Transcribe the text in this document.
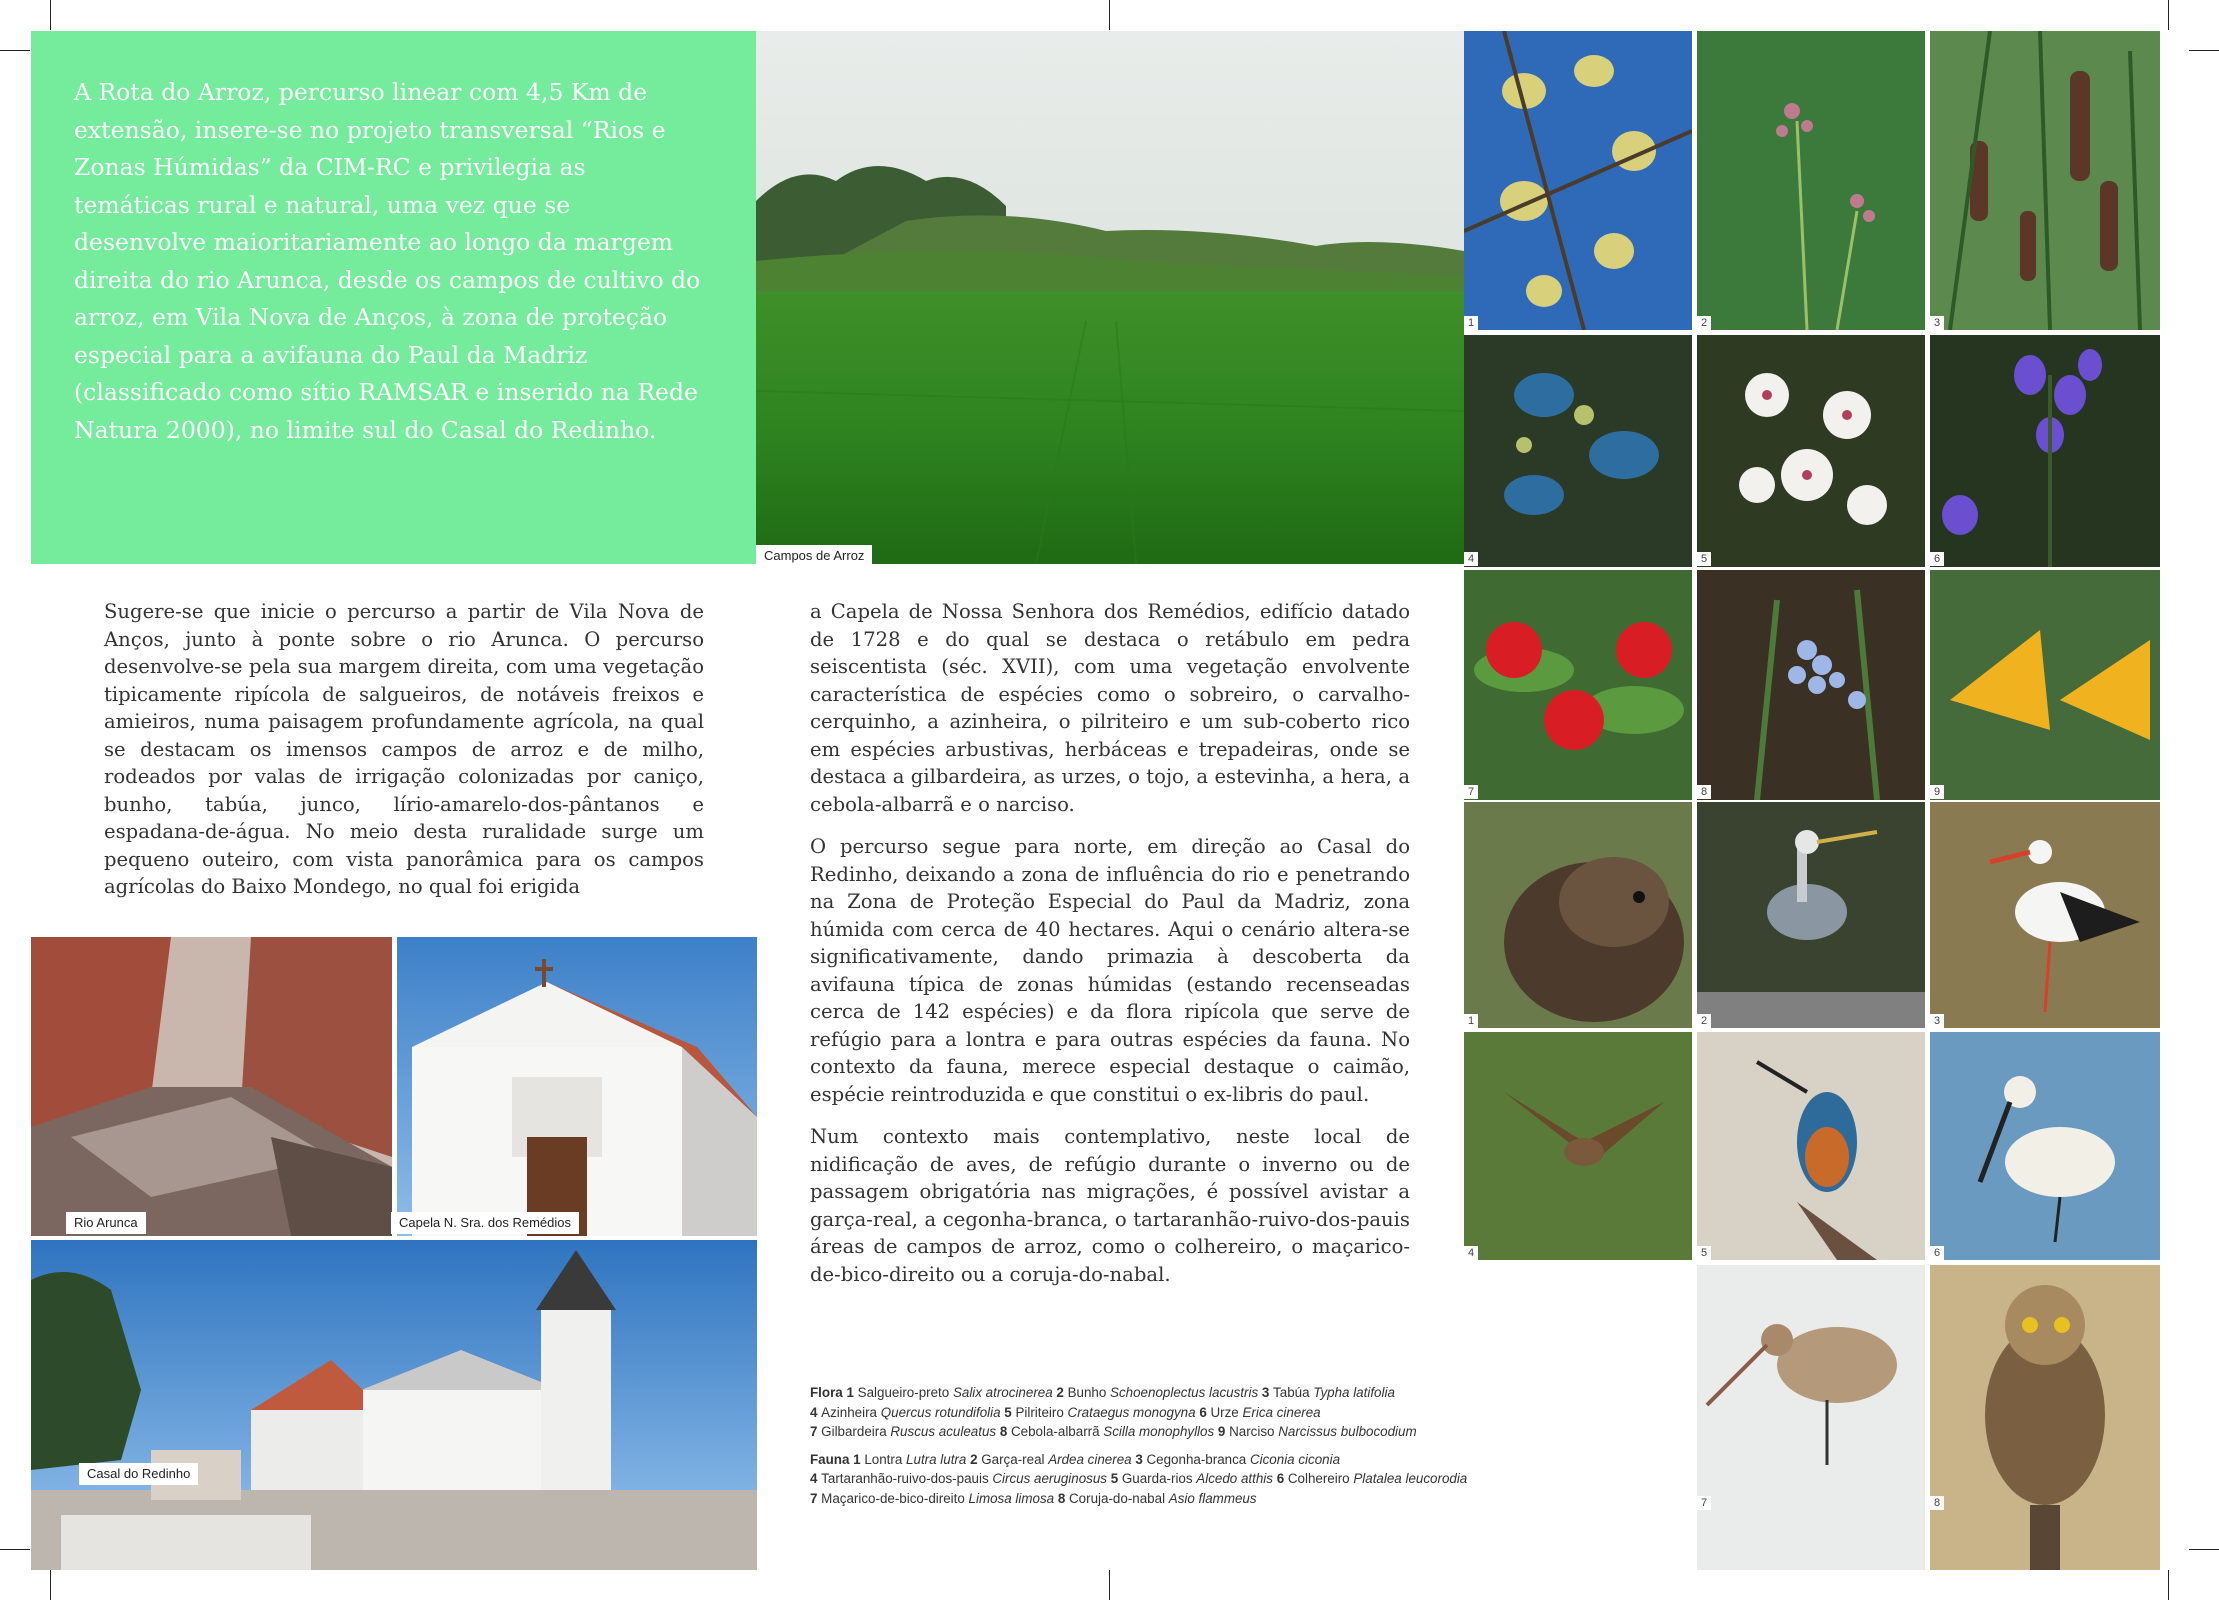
A Rota do Arroz, percurso linear com 4,5 Km de extensão, insere-se no projeto transversal “Rios e Zonas Húmidas” da CIM-RC e privilegia as temáticas rural e natural, uma vez que se desenvolve maioritariamente ao longo da margem direita do rio Arunca, desde os campos de cultivo do arroz, em Vila Nova de Anços, à zona de proteção especial para a avifauna do Paul da Madriz (classificado como sítio RAMSAR e inserido na Rede Natura 2000), no limite sul do Casal do Redinho.
Campos de Arroz

Sugere-se que inicie o percurso a partir de Vila Nova de Anços, junto à ponte sobre o rio Arunca. O percurso desenvolve-se pela sua margem direita, com uma vegetação tipicamente ripícola de salgueiros, de notáveis freixos e amieiros, numa paisagem profundamente agrícola, na qual se destacam os imensos campos de arroz e de milho, rodeados por valas de irrigação colonizadas por caniço, bunho, tabúa, junco, lírio-amarelo-dos-pântanos e espadana-de-água. No meio desta ruralidade surge um pequeno outeiro, com vista panorâmica para os campos agrícolas do Baixo Mondego, no qual foi erigida

a Capela de Nossa Senhora dos Remédios, edifício datado de 1728 e do qual se destaca o retábulo em pedra seiscentista (séc. XVII), com uma vegetação envolvente característica de espécies como o sobreiro, o carvalho-cerquinho, a azinheira, o pilriteiro e um sub-coberto rico em espécies arbustivas, herbáceas e trepadeiras, onde se destaca a gilbardeira, as urzes, o tojo, a estevinha, a hera, a cebola-albarrã e o narciso.

O percurso segue para norte, em direção ao Casal do Redinho, deixando a zona de influência do rio e penetrando na Zona de Proteção Especial do Paul da Madriz, zona húmida com cerca de 40 hectares. Aqui o cenário altera-se significativamente, dando primazia à descoberta da avifauna típica de zonas húmidas (estando recenseadas cerca de 142 espécies) e da flora ripícola que serve de refúgio para a lontra e para outras espécies da fauna. No contexto da fauna, merece especial destaque o caimão, espécie reintroduzida e que constitui o ex-libris do paul.

Num contexto mais contemplativo, neste local de nidificação de aves, de refúgio durante o inverno ou de passagem obrigatória nas migrações, é possível avistar a garça-real, a cegonha-branca, o tartaranhão-ruivo-dos-pauis áreas de campos de arroz, como o colhereiro, o maçarico-de-bico-direito ou a coruja-do-nabal.

Rio Arunca	Capela N. Sra. dos Remédios
Casal do Redinho
1	2	3
4	5	6
7	8	9
1	2	3
4	5	6
7	8
Flora 1 Salgueiro-preto Salix atrocinerea 2 Bunho Schoenoplectus lacustris 3 Tabúa Typha latifolia
4 Azinheira Quercus rotundifolia 5 Pilriteiro Crataegus monogyna 6 Urze Erica cinerea
7 Gilbardeira Ruscus aculeatus 8 Cebola-albarrã Scilla monophyllos 9 Narciso Narcissus bulbocodium
Fauna 1 Lontra Lutra lutra 2 Garça-real Ardea cinerea 3 Cegonha-branca Ciconia ciconia
4 Tartaranhão-ruivo-dos-pauis Circus aeruginosus 5 Guarda-rios Alcedo atthis 6 Colhereiro Platalea leucorodia
7 Maçarico-de-bico-direito Limosa limosa 8 Coruja-do-nabal Asio flammeus
